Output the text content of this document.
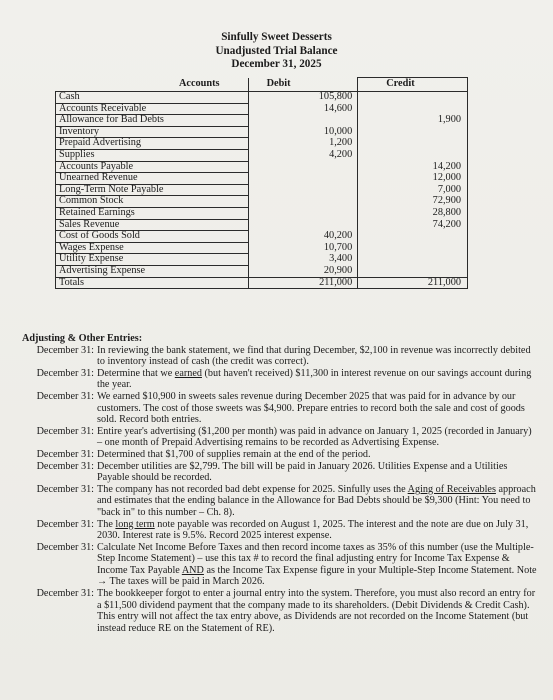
Sinfully Sweet Desserts
Unadjusted Trial Balance
December 31, 2025
Accounts	Debit	Credit
Cash	105,800	
Accounts Receivable	14,600	
Allowance for Bad Debts		1,900
Inventory	10,000	
Prepaid Advertising	1,200	
Supplies	4,200	
Accounts Payable		14,200
Unearned Revenue		12,000
Long-Term Note Payable		7,000
Common Stock		72,900
Retained Earnings		28,800
Sales Revenue		74,200
Cost of Goods Sold	40,200	
Wages Expense	10,700	
Utility Expense	3,400	
Advertising Expense	20,900	
Totals	211,000	211,000
Adjusting & Other Entries:
December 31: In reviewing the bank statement, we find that during December, $2,100 in revenue was incorrectly debited to inventory instead of cash (the credit was correct).
December 31: Determine that we earned (but haven't received) $11,300 in interest revenue on our savings account during the year.
December 31: We earned $10,900 in sweets sales revenue during December 2025 that was paid for in advance by our customers. The cost of those sweets was $4,900. Prepare entries to record both the sale and cost of goods sold. Record both entries.
December 31: Entire year's advertising ($1,200 per month) was paid in advance on January 1, 2025 (recorded in January) – one month of Prepaid Advertising remains to be recorded as Advertising Expense.
December 31: Determined that $1,700 of supplies remain at the end of the period.
December 31: December utilities are $2,799. The bill will be paid in January 2026. Utilities Expense and a Utilities Payable should be recorded.
December 31: The company has not recorded bad debt expense for 2025. Sinfully uses the Aging of Receivables approach and estimates that the ending balance in the Allowance for Bad Debts should be $9,300 (Hint: You need to "back in" to this number – Ch. 8).
December 31: The long term note payable was recorded on August 1, 2025. The interest and the note are due on July 31, 2030. Interest rate is 9.5%. Record 2025 interest expense.
December 31: Calculate Net Income Before Taxes and then record income taxes as 35% of this number (use the Multiple-Step Income Statement) – use this tax # to record the final adjusting entry for Income Tax Expense & Income Tax Payable AND as the Income Tax Expense figure in your Multiple-Step Income Statement. Note → The taxes will be paid in March 2026.
December 31: The bookkeeper forgot to enter a journal entry into the system. Therefore, you must also record an entry for a $11,500 dividend payment that the company made to its shareholders. (Debit Dividends & Credit Cash). This entry will not affect the tax entry above, as Dividends are not recorded on the Income Statement (but instead reduce RE on the Statement of RE).
